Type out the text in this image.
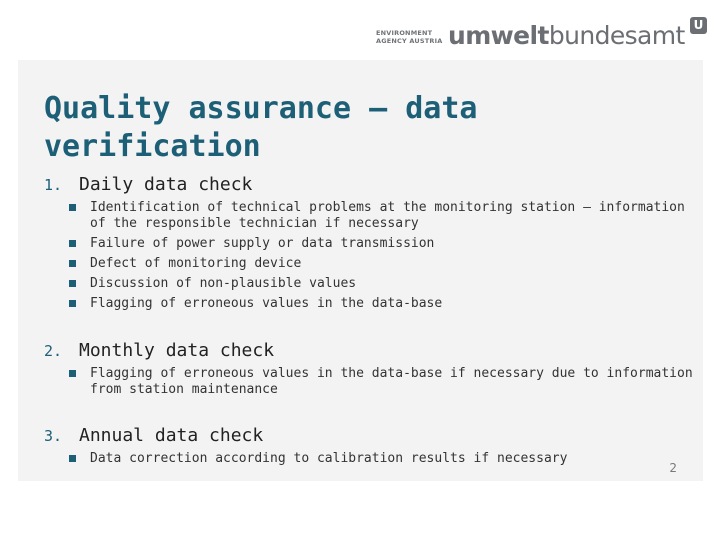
ENVIRONMENT
AGENCY AUSTRIA umweltbundesamt U
Quality assurance – data verification
1. Daily data check
Identification of technical problems at the monitoring station – information of the responsible technician if necessary
Failure of power supply or data transmission
Defect of monitoring device
Discussion of non-plausible values
Flagging of erroneous values in the data-base
2. Monthly data check
Flagging of erroneous values in the data-base if necessary due to information from station maintenance
3. Annual data check
Data correction according to calibration results if necessary
2
